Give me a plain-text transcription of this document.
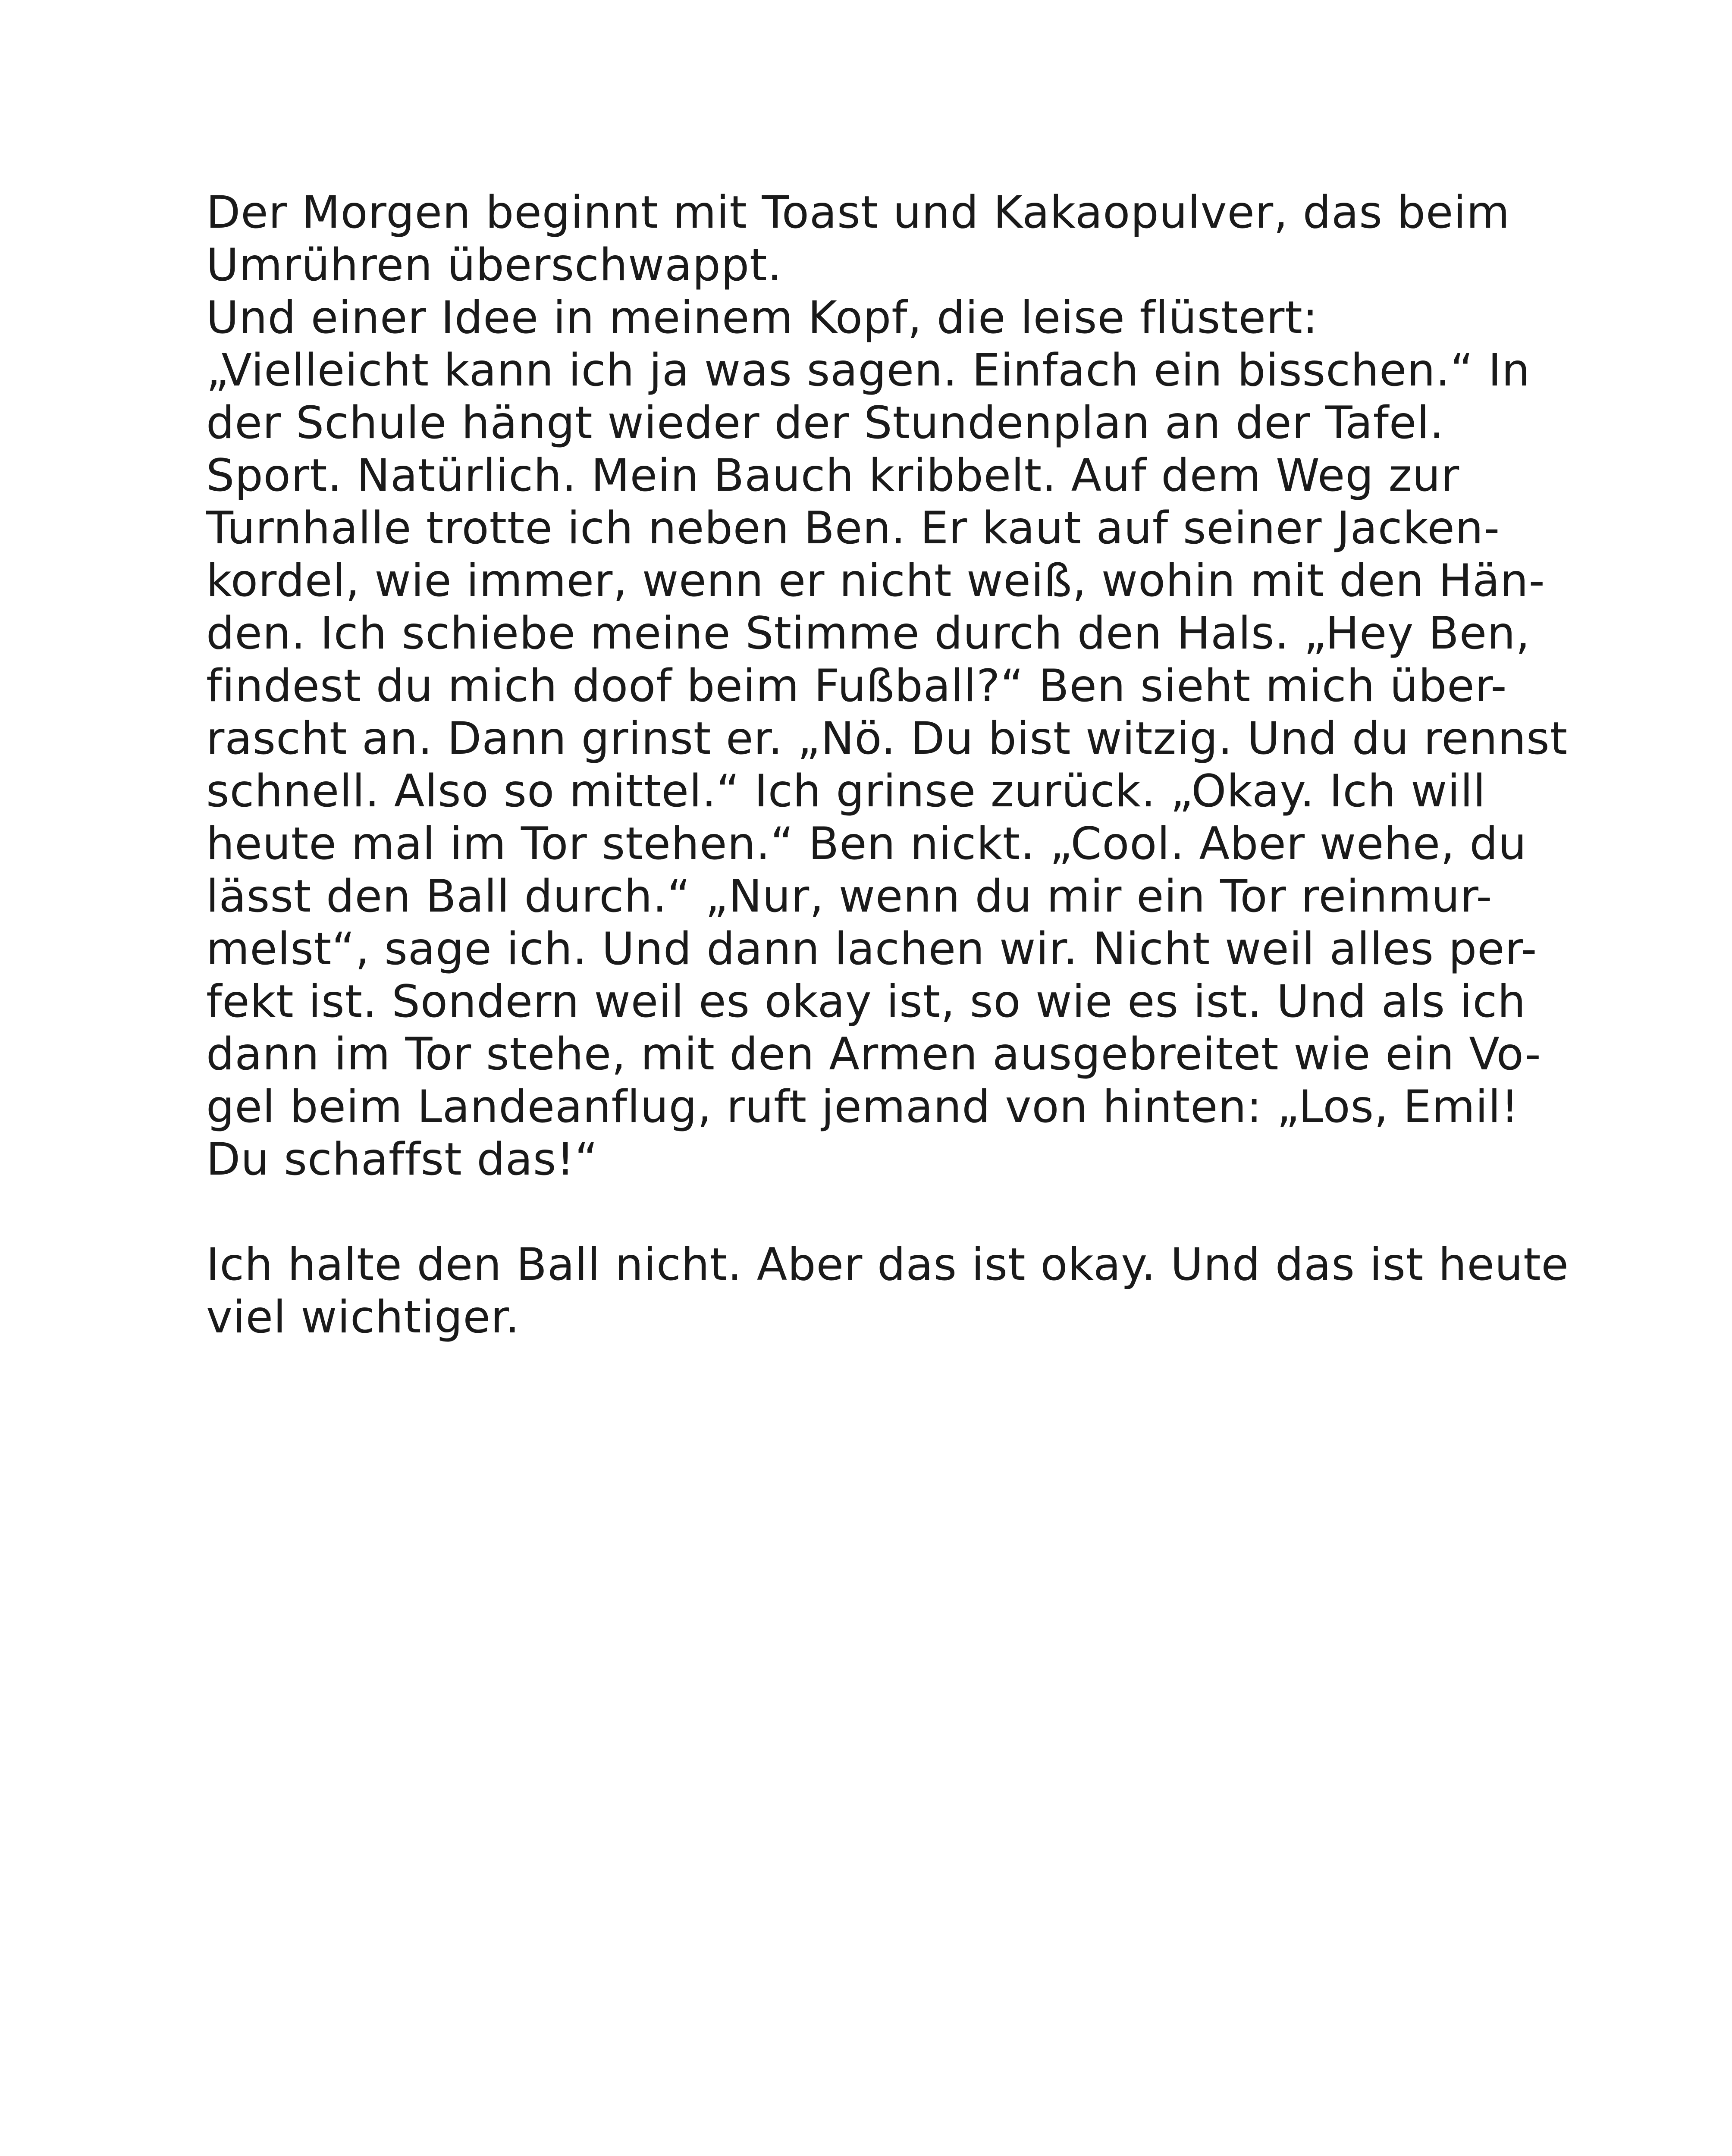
Der Morgen beginnt mit Toast und Kakaopulver, das beim
Umrühren überschwappt.
Und einer Idee in meinem Kopf, die leise flüstert:
„Vielleicht kann ich ja was sagen. Einfach ein bisschen.“ In
der Schule hängt wieder der Stundenplan an der Tafel.
Sport. Natürlich. Mein Bauch kribbelt. Auf dem Weg zur
Turnhalle trotte ich neben Ben. Er kaut auf seiner Jacken-
kordel, wie immer, wenn er nicht weiß, wohin mit den Hän-
den. Ich schiebe meine Stimme durch den Hals. „Hey Ben,
findest du mich doof beim Fußball?“ Ben sieht mich über-
rascht an. Dann grinst er. „Nö. Du bist witzig. Und du rennst
schnell. Also so mittel.“ Ich grinse zurück. „Okay. Ich will
heute mal im Tor stehen.“ Ben nickt. „Cool. Aber wehe, du
lässt den Ball durch.“ „Nur, wenn du mir ein Tor reinmur-
melst“, sage ich. Und dann lachen wir. Nicht weil alles per-
fekt ist. Sondern weil es okay ist, so wie es ist. Und als ich
dann im Tor stehe, mit den Armen ausgebreitet wie ein Vo-
gel beim Landeanflug, ruft jemand von hinten: „Los, Emil!
Du schaffst das!“
Ich halte den Ball nicht. Aber das ist okay. Und das ist heute
viel wichtiger.
